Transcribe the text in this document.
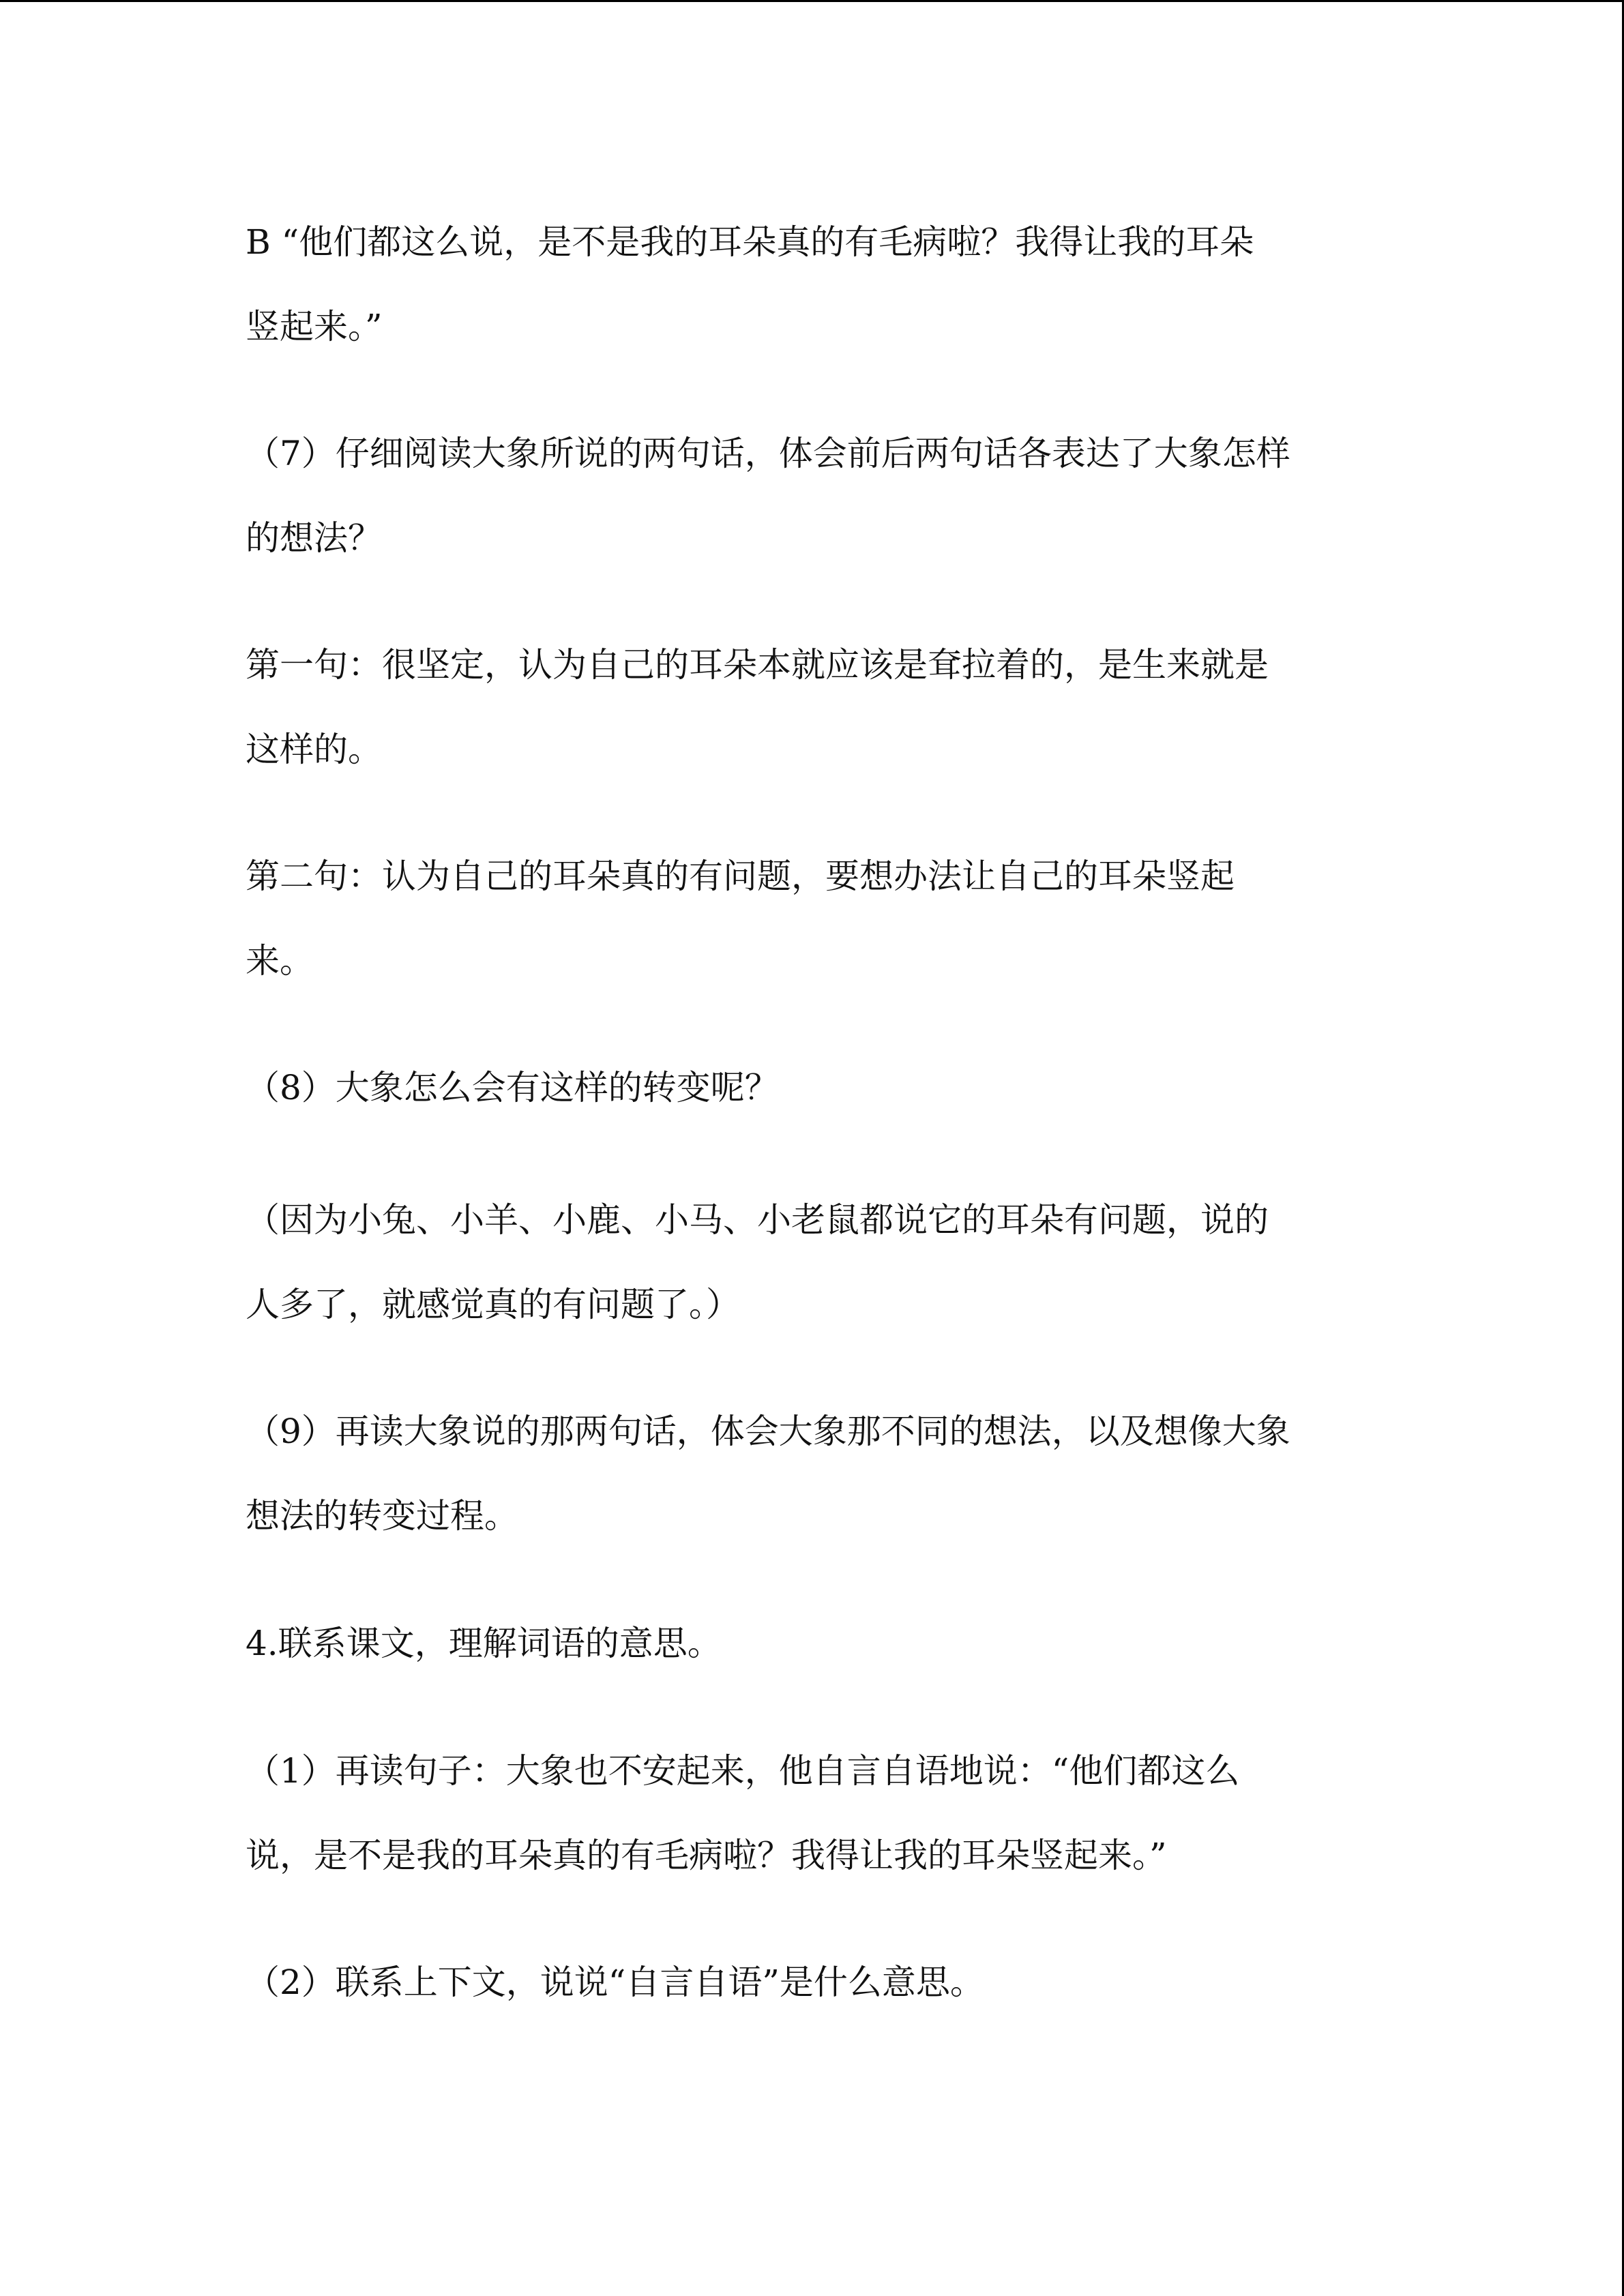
B “他们都这么说，是不是我的耳朵真的有毛病啦？我得让我的耳朵

竖起来。”

（7）仔细阅读大象所说的两句话，体会前后两句话各表达了大象怎样

的想法？

第一句：很坚定，认为自己的耳朵本就应该是耷拉着的，是生来就是

这样的。

第二句：认为自己的耳朵真的有问题，要想办法让自己的耳朵竖起

来。

（8）大象怎么会有这样的转变呢？

（因为小兔、小羊、小鹿、小马、小老鼠都说它的耳朵有问题，说的

人多了，就感觉真的有问题了。）

（9）再读大象说的那两句话，体会大象那不同的想法，以及想像大象

想法的转变过程。

4.联系课文，理解词语的意思。

（1）再读句子：大象也不安起来，他自言自语地说：“他们都这么

说，是不是我的耳朵真的有毛病啦？我得让我的耳朵竖起来。”

（2）联系上下文，说说“自言自语”是什么意思。
